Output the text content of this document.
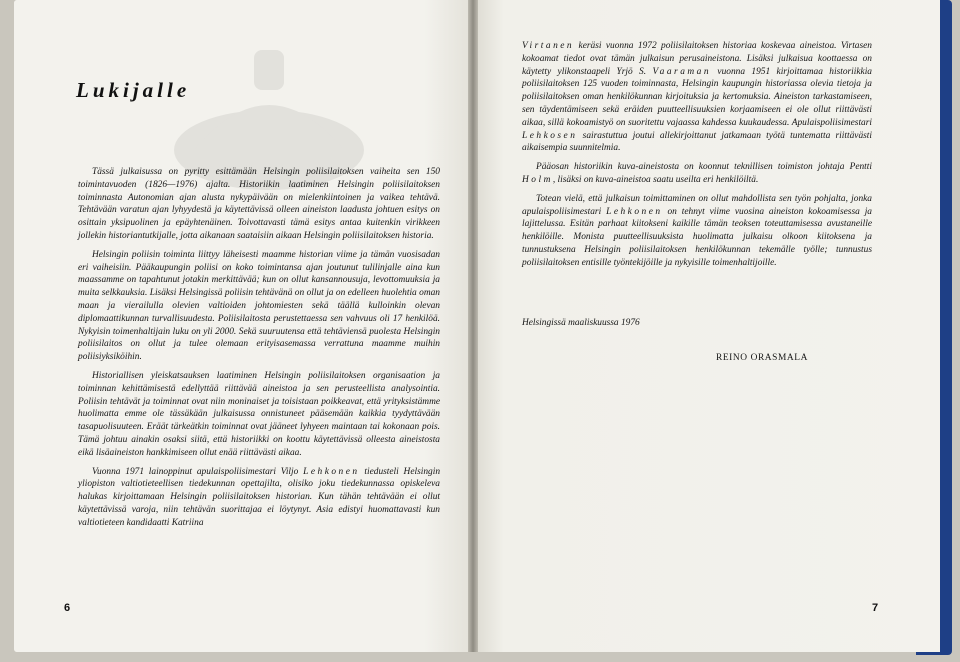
Lukijalle

Tässä julkaisussa on pyritty esittämään Helsingin poliisilaitoksen vaiheita sen 150 toimintavuoden (1826—1976) ajalta. Historiikin laatiminen Helsingin poliisilaitoksen toiminnasta Autonomian ajan alusta nykypäivään on mielenkiintoinen ja vaikea tehtävä. Tehtävään varatun ajan lyhyydestä ja käytettävissä olleen aineiston laadusta johtuen esitys on osittain yksipuolinen ja epäyhtenäinen. Toivottavasti tämä esitys antaa kuitenkin virikkeen jollekin historiantutkijalle, jotta aikanaan saataisiin aikaan Helsingin poliisilaitoksen historia.

Helsingin poliisin toiminta liittyy läheisesti maamme historian viime ja tämän vuosisadan eri vaiheisiin. Pääkaupungin poliisi on koko toimintansa ajan joutunut tulilinjalle aina kun maassamme on tapahtunut jotakin merkittävää; kun on ollut kansannousuja, levottomuuksia ja muita selkkauksia. Lisäksi Helsingissä poliisin tehtävänä on ollut ja on edelleen huolehtia oman maan ja vierailulla olevien valtioiden johtomiesten sekä täällä kulloinkin olevan diplomaattikunnan turvallisuudesta. Poliisilaitosta perustettaessa sen vahvuus oli 17 henkilöä. Nykyisin toimenhaltijain luku on yli 2000. Sekä suuruutensa että tehtäviensä puolesta Helsingin poliisilaitos on ollut ja tulee olemaan erityisasemassa verrattuna maamme muihin poliisiyksiköihin.

Historiallisen yleiskatsauksen laatiminen Helsingin poliisilaitoksen organisaation ja toiminnan kehittämisestä edellyttää riittävää aineistoa ja sen perusteellista analysointia. Poliisin tehtävät ja toiminnat ovat niin moninaiset ja toisistaan poikkeavat, että yrityksistämme huolimatta emme ole tässäkään julkaisussa onnistuneet pääsemään kaikkia tyydyttävään tasapuolisuuteen. Eräät tärkeätkin toiminnat ovat jääneet lyhyeen maintaan tai kokonaan pois. Tämä johtuu ainakin osaksi siitä, että historiikki on koottu käytettävissä olleesta aineistosta eikä lisäaineiston hankkimiseen ollut enää riittävästi aikaa.

Vuonna 1971 lainoppinut apulaispoliisimestari Viljo Lehkonen tiedusteli Helsingin yliopiston valtiotieteellisen tiedekunnan opettajilta, olisiko joku tiedekunnassa opiskeleva halukas kirjoittamaan Helsingin poliisilaitoksen historian. Kun tähän tehtävään ei ollut käytettävissä varoja, niin tehtävän suorittajaa ei löytynyt. Asia edistyi huomattavasti kun valtiotieteen kandidaatti Katriina

Virtanen keräsi vuonna 1972 poliisilaitoksen historiaa koskevaa aineistoa. Virtasen kokoamat tiedot ovat tämän julkaisun perusaineistona. Lisäksi julkaisua koottaessa on käytetty ylikonstaapeli Yrjö S. Vaaraman vuonna 1951 kirjoittamaa historiikkia poliisilaitoksen 125 vuoden toiminnasta, Helsingin kaupungin historiassa olevia tietoja ja poliisilaitoksen oman henkilökunnan kirjoituksia ja kertomuksia. Aineiston tarkastamiseen, sen täydentämiseen sekä eräiden puutteellisuuksien korjaamiseen ei ole ollut riittävästi aikaa, sillä kokoamistyö on suoritettu vajaassa kahdessa kuukaudessa. Apulaispoliisimestari Lehkosen sairastuttua joutui allekirjoittanut jatkamaan työtä tuntematta riittävästi aikaisempia suunnitelmia.

Pääosan historiikin kuva-aineistosta on koonnut teknillisen toimiston johtaja Pentti Holm, lisäksi on kuva-aineistoa saatu useilta eri henkilöiltä.

Totean vielä, että julkaisun toimittaminen on ollut mahdollista sen työn pohjalta, jonka apulaispoliisimestari Lehkonen on tehnyt viime vuosina aineiston kokoamisessa ja lajittelussa. Esitän parhaat kiitokseni kaikille tämän teoksen toteuttamisessa avustaneille henkilöille. Monista puutteellisuuksista huolimatta julkaisu olkoon kiitoksena ja tunnustuksena Helsingin poliisilaitoksen henkilökunnan tekemälle työlle; tunnustus poliisilaitoksen entisille työntekijöille ja nykyisille toimenhaltijoille.

Helsingissä maaliskuussa 1976
REINO ORASMALA
6	7
